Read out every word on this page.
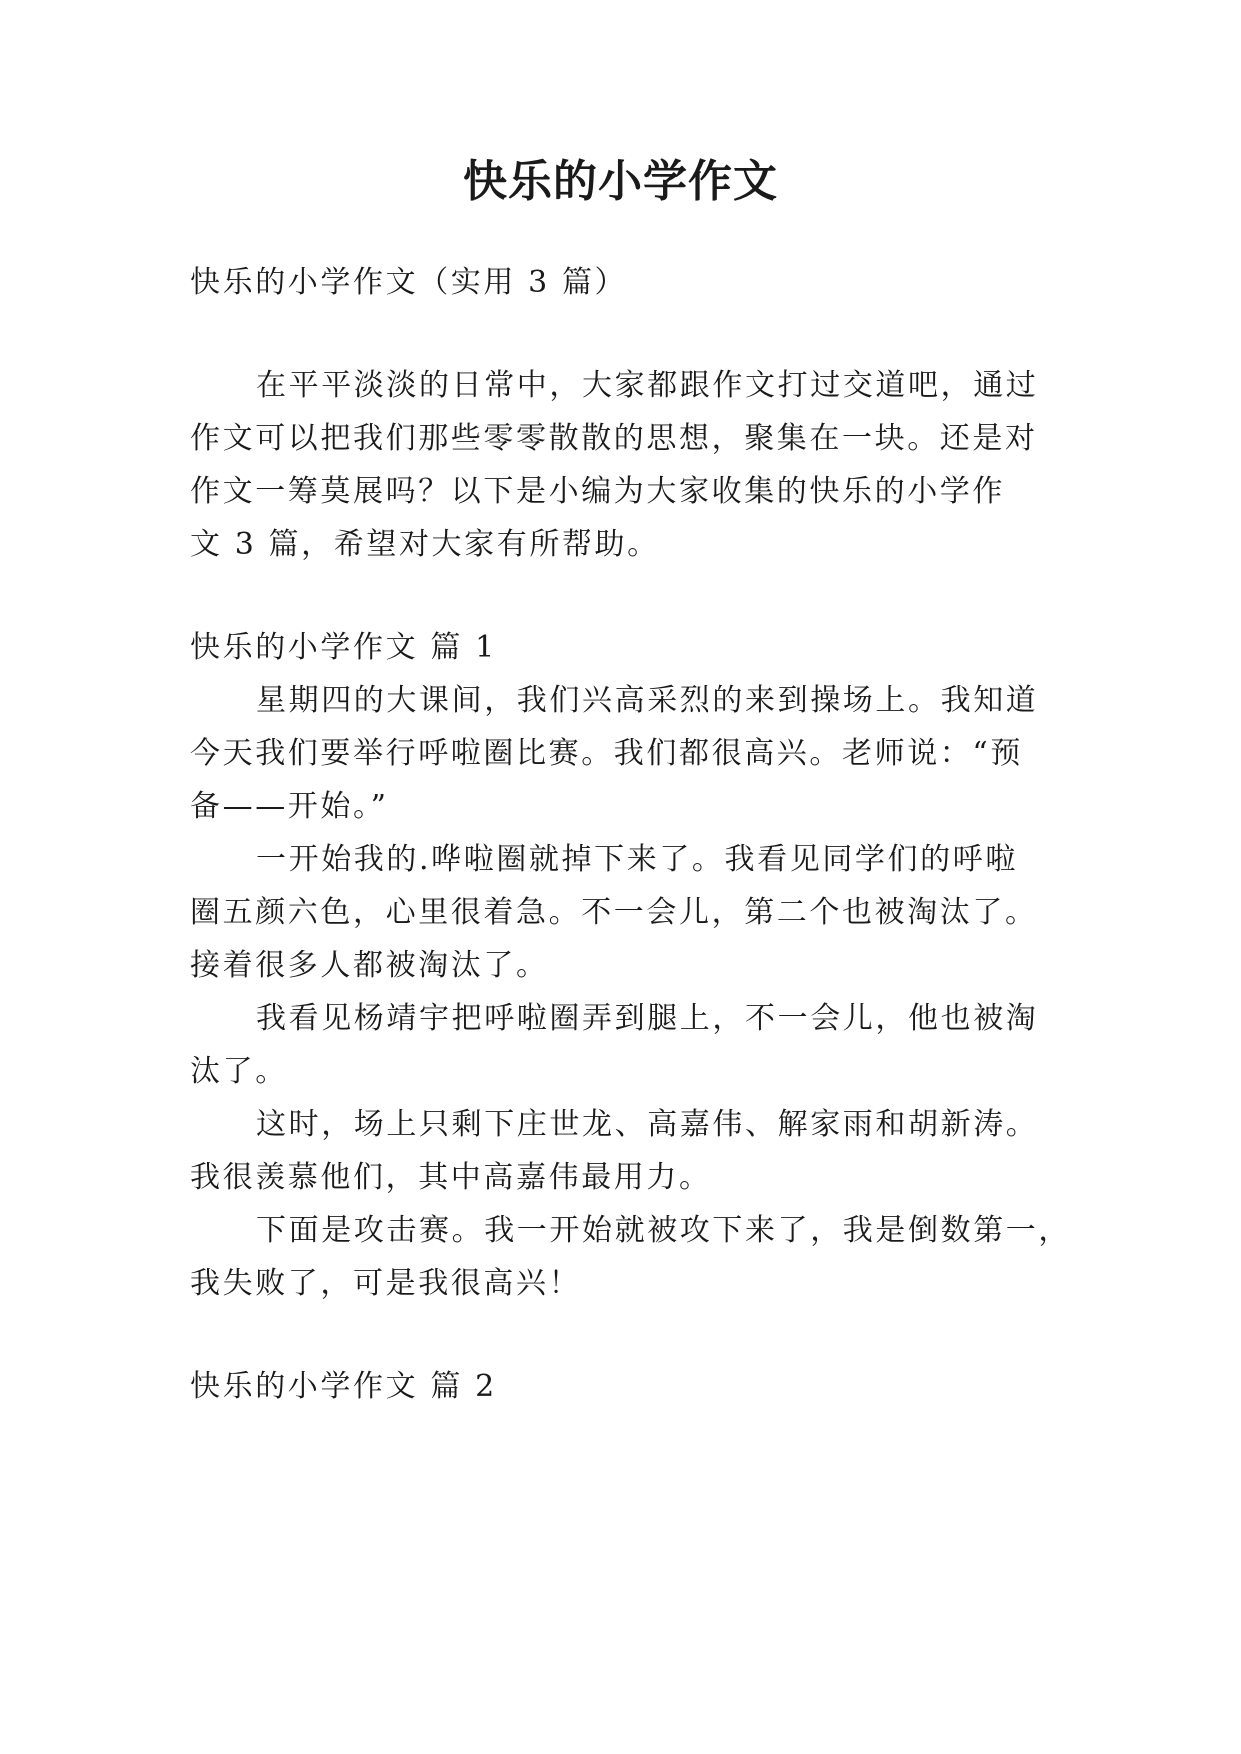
快乐的小学作文
快乐的小学作文（实用 3 篇）
在平平淡淡的日常中，大家都跟作文打过交道吧，通过
作文可以把我们那些零零散散的思想，聚集在一块。还是对
作文一筹莫展吗？以下是小编为大家收集的快乐的小学作
文 3 篇，希望对大家有所帮助。
快乐的小学作文 篇 1
星期四的大课间，我们兴高采烈的来到操场上。我知道
今天我们要举行呼啦圈比赛。我们都很高兴。老师说：“预
备——开始。”
一开始我的.哗啦圈就掉下来了。我看见同学们的呼啦
圈五颜六色，心里很着急。不一会儿，第二个也被淘汰了。
接着很多人都被淘汰了。
我看见杨靖宇把呼啦圈弄到腿上，不一会儿，他也被淘
汰了。
这时，场上只剩下庄世龙、高嘉伟、解家雨和胡新涛。
我很羡慕他们，其中高嘉伟最用力。
下面是攻击赛。我一开始就被攻下来了，我是倒数第一，
我失败了，可是我很高兴！
快乐的小学作文 篇 2
